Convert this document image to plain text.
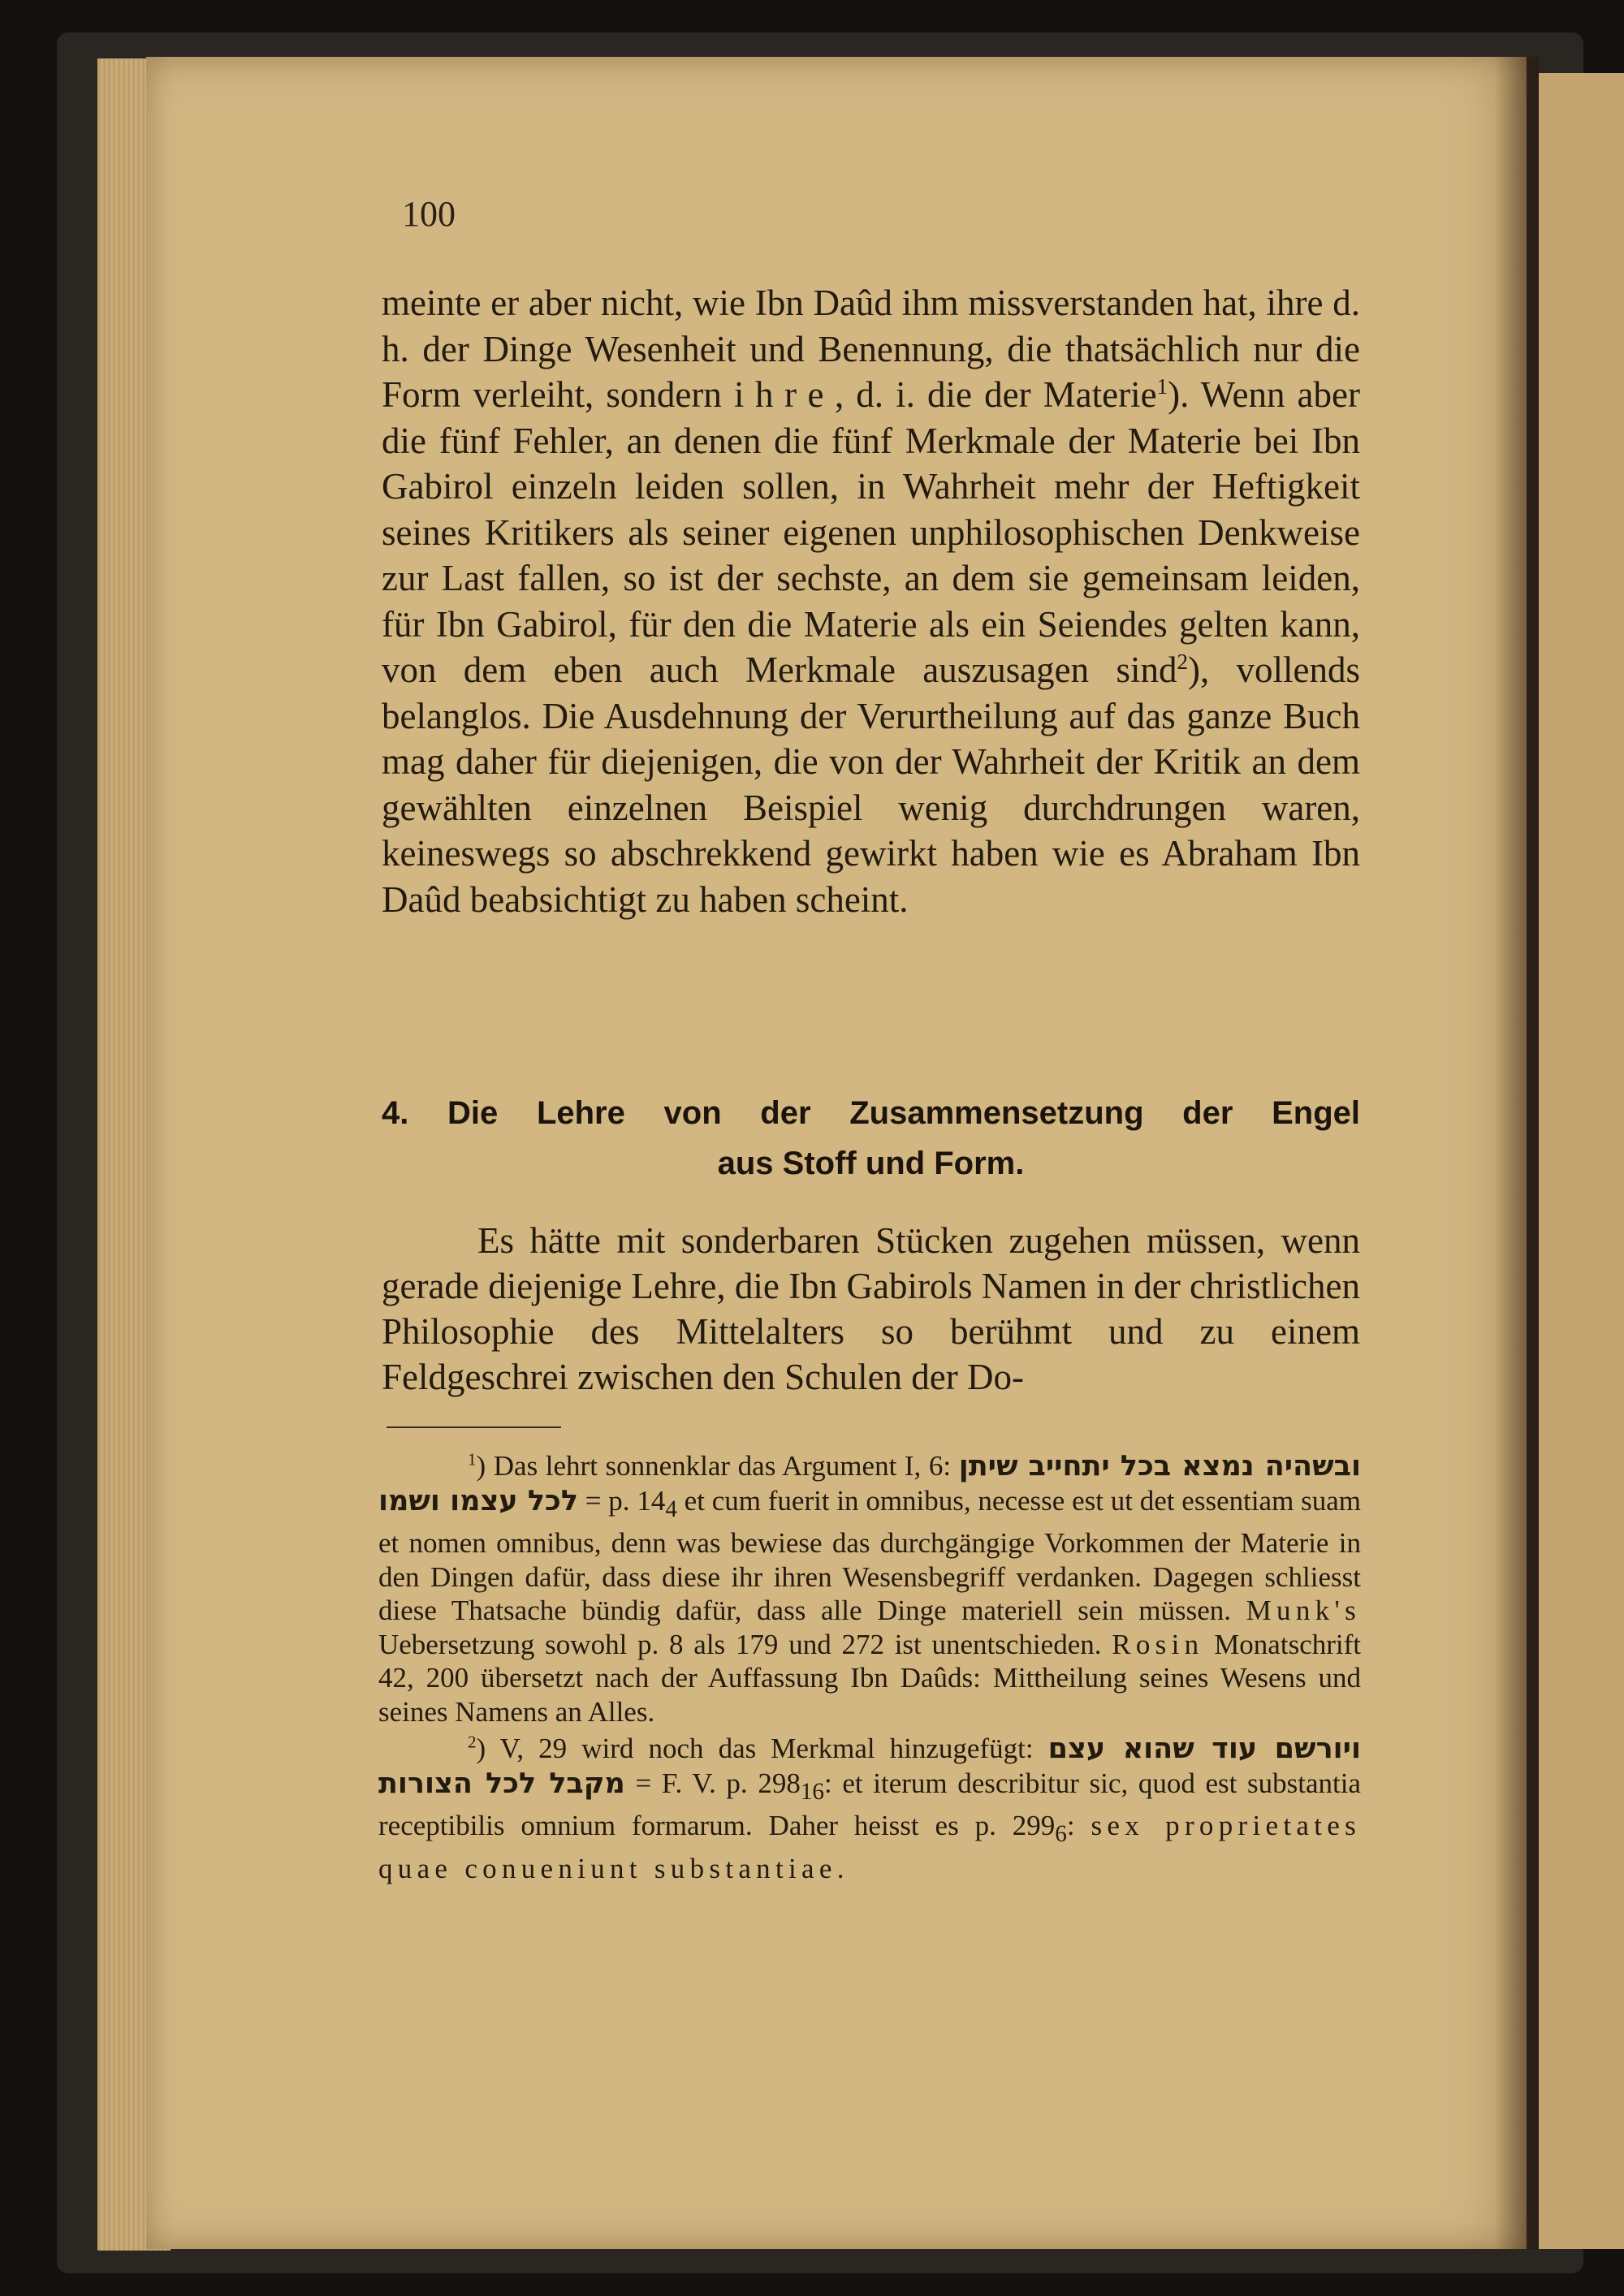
100

meinte er aber nicht, wie Ibn Daûd ihm missverstanden hat, ihre d. h. der Dinge Wesenheit und Benennung, die thatsächlich nur die Form verleiht, sondern ihre, d. i. die der Materie$^1$). Wenn aber die fünf Fehler, an denen die fünf Merkmale der Materie bei Ibn Gabirol einzeln leiden sollen, in Wahrheit mehr der Heftigkeit seines Kritikers als seiner eigenen unphilosophischen Denkweise zur Last fallen, so ist der sechste, an dem sie gemeinsam leiden, für Ibn Gabirol, für den die Materie als ein Seiendes gelten kann, von dem eben auch Merkmale auszusagen sind$^2$), vollends belanglos. Die Ausdehnung der Verurtheilung auf das ganze Buch mag daher für diejenigen, die von der Wahrheit der Kritik an dem gewählten einzelnen Beispiel wenig durchdrungen waren, keineswegs so abschrekkend gewirkt haben wie es Abraham Ibn Daûd beabsichtigt zu haben scheint.

4. Die Lehre von der Zusammensetzung der Engel
aus Stoff und Form.

Es hätte mit sonderbaren Stücken zugehen müssen, wenn gerade diejenige Lehre, die Ibn Gabirols Namen in der christlichen Philosophie des Mittelalters so berühmt und zu einem Feldgeschrei zwischen den Schulen der Do-

$^1$) Das lehrt sonnenklar das Argument I, 6: ובשהיה נמצא בכל יתחייב שיתן לכל עצמו ושמו = p. $14_4$ et cum fuerit in omnibus, necesse est ut det essentiam suam et nomen omnibus, denn was bewiese das durchgängige Vorkommen der Materie in den Dingen dafür, dass diese ihr ihren Wesensbegriff verdanken. Dagegen schliesst diese Thatsache bündig dafür, dass alle Dinge materiell sein müssen. Munk's Uebersetzung sowohl p. 8 als 179 und 272 ist unentschieden. Rosin Monatschrift 42, 200 übersetzt nach der Auffassung Ibn Daûds: Mittheilung seines Wesens und seines Namens an Alles.

$^2$) V, 29 wird noch das Merkmal hinzugefügt: ויורשם עוד שהוא עצם מקבל לכל הצורות = F. V. p. $298_{16}$: et iterum describitur sic, quod est substantia receptibilis omnium formarum. Daher heisst es p. $299_6$: sex proprietates quae conueniunt substantiae.
